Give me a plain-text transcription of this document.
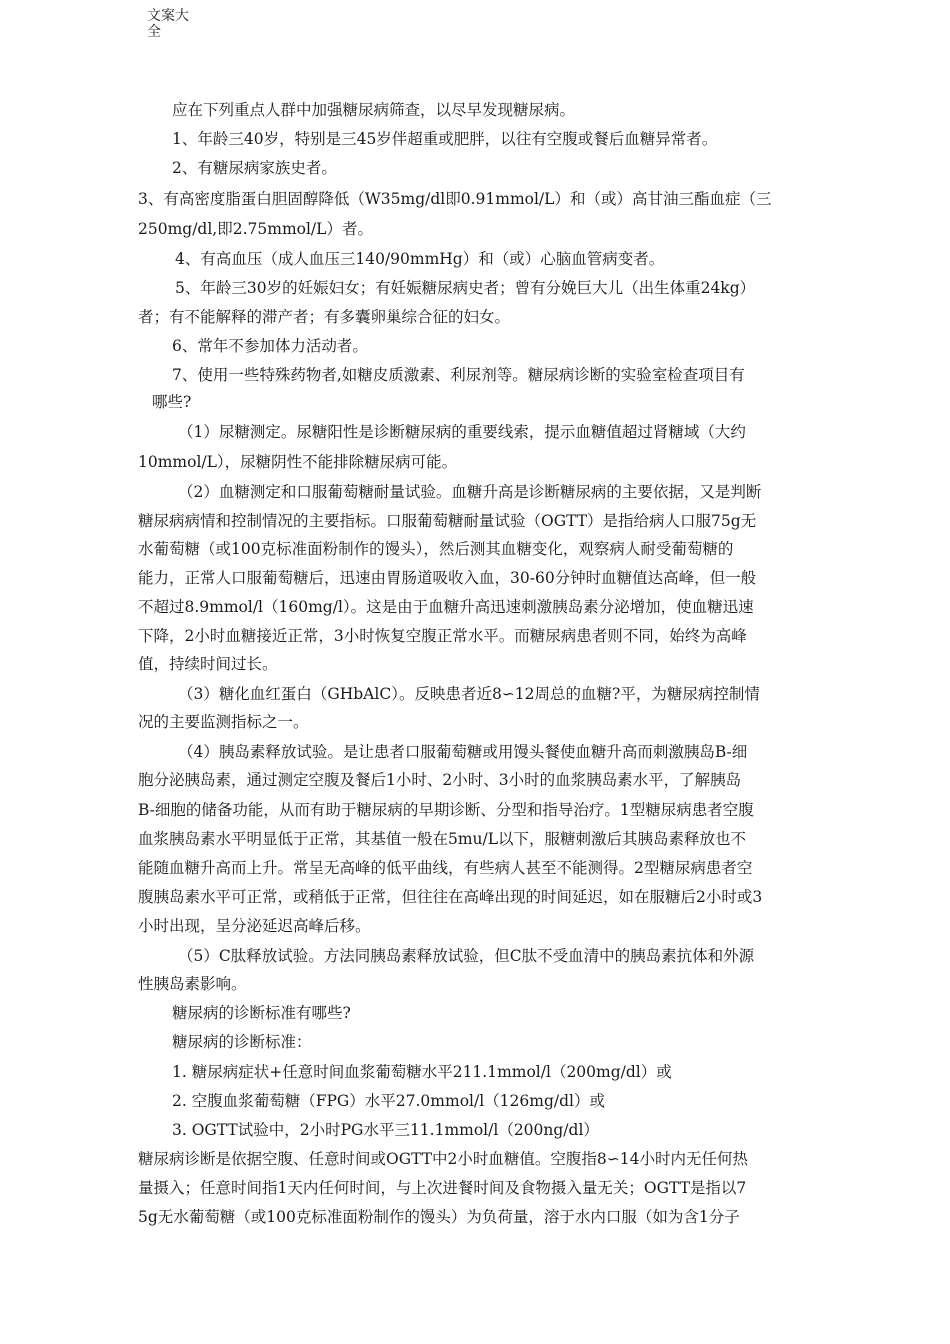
文案大
全
应在下列重点人群中加强糖尿病筛查，以尽早发现糖尿病。
1、年龄三40岁，特别是三45岁伴超重或肥胖，以往有空腹或餐后血糖异常者。
2、有糖尿病家族史者。
3、有高密度脂蛋白胆固醇降低（W35mg/dl即0.91mmol/L）和（或）高甘油三酯血症（三
250mg/dl,即2.75mmol/L）者。
4、有高血压（成人血压三140/90mmHg）和（或）心脑血管病变者。
5、年龄三30岁的妊娠妇女；有妊娠糖尿病史者；曾有分娩巨大儿（出生体重24kg）
者；有不能解释的滞产者；有多囊卵巢综合征的妇女。
6、常年不参加体力活动者。
7、使用一些特殊药物者,如糖皮质激素、利尿剂等。糖尿病诊断的实验室检查项目有
哪些?
（1）尿糖测定。尿糖阳性是诊断糖尿病的重要线索，提示血糖值超过肾糖域（大约
10mmol/L），尿糖阴性不能排除糖尿病可能。
（2）血糖测定和口服葡萄糖耐量试验。血糖升高是诊断糖尿病的主要依据，又是判断
糖尿病病情和控制情况的主要指标。口服葡萄糖耐量试验（OGTT）是指给病人口服75g无
水葡萄糖（或100克标准面粉制作的馒头），然后测其血糖变化，观察病人耐受葡萄糖的
能力，正常人口服葡萄糖后，迅速由胃肠道吸收入血，30-60分钟时血糖值达高峰，但一般
不超过8.9mmol/l（160mg/l）。这是由于血糖升高迅速刺激胰岛素分泌增加，使血糖迅速
下降，2小时血糖接近正常，3小时恢复空腹正常水平。而糖尿病患者则不同，始终为高峰
值，持续时间过长。
（3）糖化血红蛋白（GHbAlC）。反映患者近8∽12周总的血糖?平，为糖尿病控制情
况的主要监测指标之一。
（4）胰岛素释放试验。是让患者口服葡萄糖或用馒头餐使血糖升高而刺激胰岛B-细
胞分泌胰岛素，通过测定空腹及餐后1小时、2小时、3小时的血浆胰岛素水平，了解胰岛
B-细胞的储备功能，从而有助于糖尿病的早期诊断、分型和指导治疗。1型糖尿病患者空腹
血浆胰岛素水平明显低于正常，其基值一般在5mu/L以下，服糖刺激后其胰岛素释放也不
能随血糖升高而上升。常呈无高峰的低平曲线，有些病人甚至不能测得。2型糖尿病患者空
腹胰岛素水平可正常，或稍低于正常，但往往在高峰出现的时间延迟，如在服糖后2小时或3
小时出现，呈分泌延迟高峰后移。
（5）C肽释放试验。方法同胰岛素释放试验，但C肽不受血清中的胰岛素抗体和外源
性胰岛素影响。
糖尿病的诊断标准有哪些?
糖尿病的诊断标准：
1. 糖尿病症状+任意时间血浆葡萄糖水平211.1mmol/l（200mg/dl）或
2. 空腹血浆葡萄糖（FPG）水平27.0mmol/l（126mg/dl）或
3. OGTT试验中，2小时PG水平三11.1mmol/l（200ng/dl）
糖尿病诊断是依据空腹、任意时间或OGTT中2小时血糖值。空腹指8∽14小时内无任何热
量摄入；任意时间指1天内任何时间，与上次进餐时间及食物摄入量无关；OGTT是指以7
5g无水葡萄糖（或100克标准面粉制作的馒头）为负荷量，溶于水内口服（如为含1分子
